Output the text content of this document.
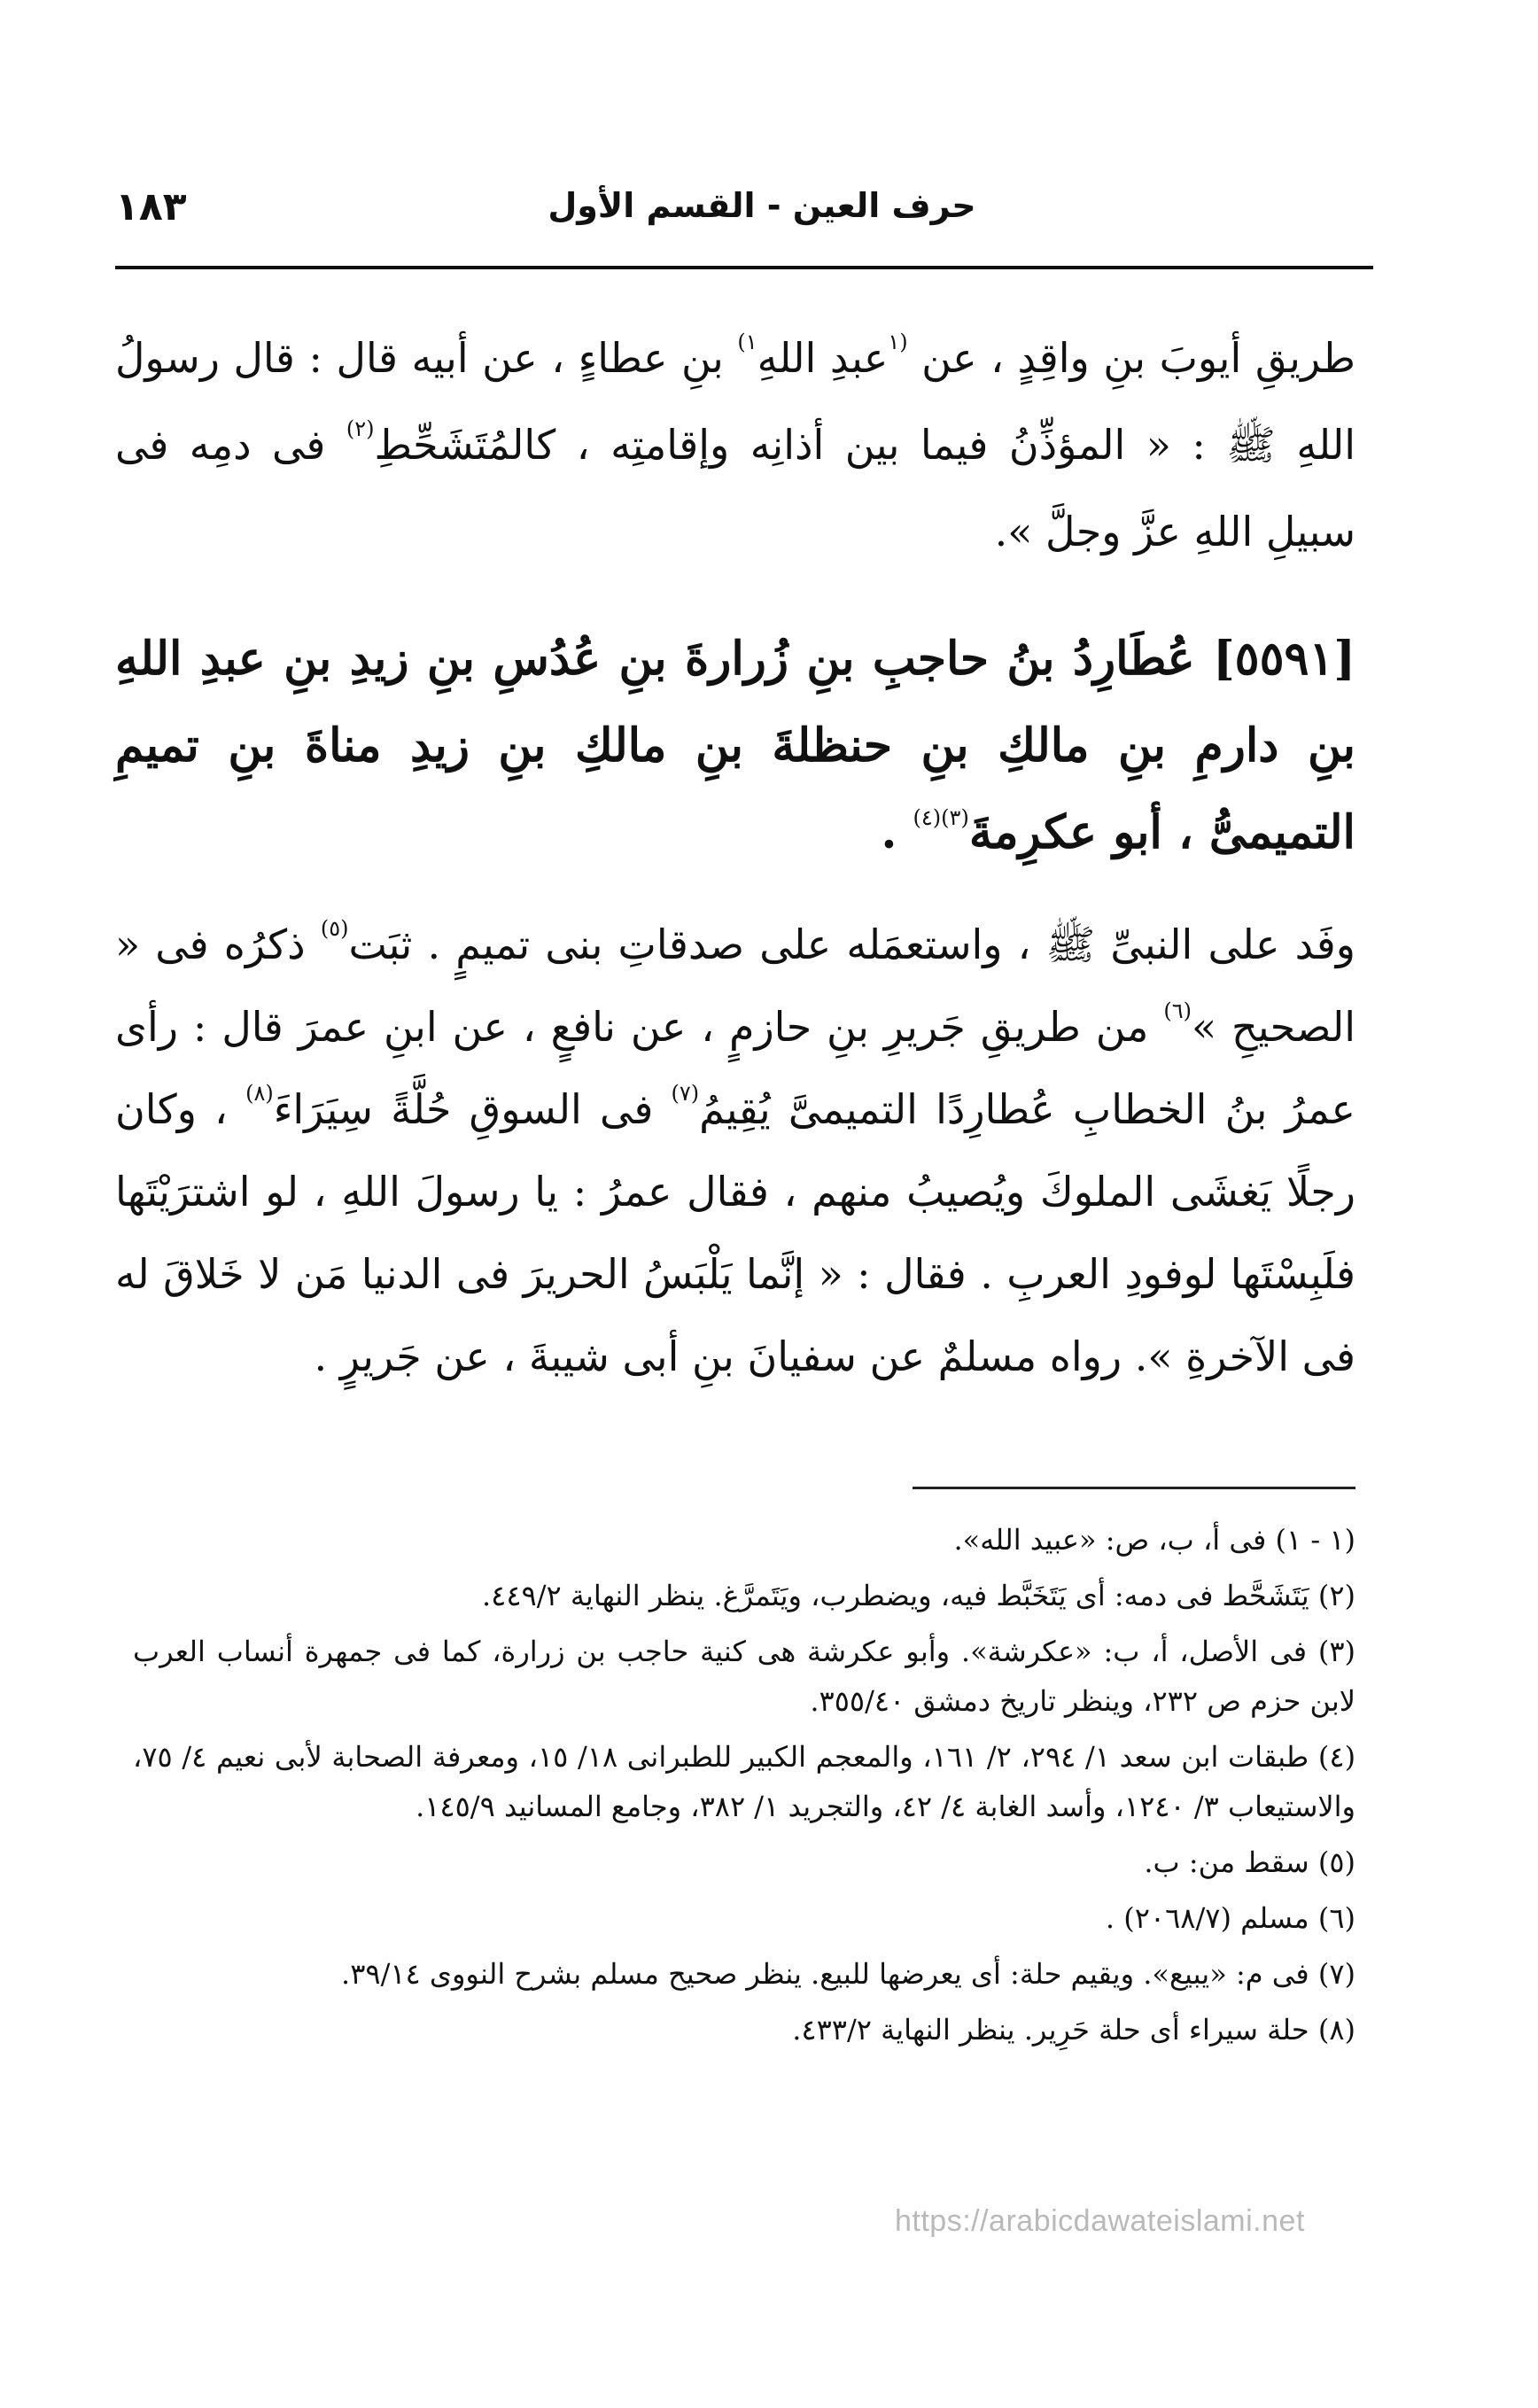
١٨٣	حرف العين - القسم الأول
طريقِ أيوبَ بنِ واقِدٍ ، عن $^{(١}$عبدِ اللهِ$^{١)}$ بنِ عطاءٍ ، عن أبيه قال : قال رسولُ اللهِ ﷺ : « المؤذِّنُ فيما بين أذانِه وإقامتِه ، كالمُتَشَحِّطِ$^{(٢)}$ فى دمِه فى سبيلِ اللهِ عزَّ وجلَّ ».
[٥٥٩١] عُطَارِدُ بنُ حاجبِ بنِ زُرارةَ بنِ عُدُسِ بنِ زيدِ بنِ عبدِ اللهِ بنِ دارمِ بنِ مالكِ بنِ حنظلةَ بنِ مالكِ بنِ زيدِ مناةَ بنِ تميمِ التميمىُّ ، أبو عكرِمةَ$^{(٣)(٤)}$ .
وفَد على النبىِّ ﷺ ، واستعمَله على صدقاتِ بنى تميمٍ . ثبَت$^{(٥)}$ ذكرُه فى « الصحيحِ »$^{(٦)}$ من طريقِ جَريرِ بنِ حازمٍ ، عن نافعٍ ، عن ابنِ عمرَ قال : رأى عمرُ بنُ الخطابِ عُطارِدًا التميمىَّ يُقِيمُ$^{(٧)}$ فى السوقِ حُلَّةً سِيَرَاءَ$^{(٨)}$ ، وكان رجلًا يَغشَى الملوكَ ويُصيبُ منهم ، فقال عمرُ : يا رسولَ اللهِ ، لو اشترَيْتَها فلَبِسْتَها لوفودِ العربِ . فقال : « إنَّما يَلْبَسُ الحريرَ فى الدنيا مَن لا خَلاقَ له فى الآخرةِ ». رواه مسلمٌ عن سفيانَ بنِ أبى شيبةَ ، عن جَريرٍ .

(١ - ١) فى أ، ب، ص: «عبيد الله».

(٢) يَتَشَحَّط فى دمه: أى يَتَخَبَّط فيه، ويضطرب، ويَتَمرَّغ. ينظر النهاية ٤٤٩/٢.

(٣) فى الأصل، أ، ب: «عكرشة». وأبو عكرشة هى كنية حاجب بن زرارة، كما فى جمهرة أنساب العرب لابن حزم ص ٢٣٢، وينظر تاريخ دمشق ٣٥٥/٤٠.

(٤) طبقات ابن سعد ١/ ٢٩٤، ٢/ ١٦١، والمعجم الكبير للطبرانى ١٨/ ١٥، ومعرفة الصحابة لأبى نعيم ٤/ ٧٥، والاستيعاب ٣/ ١٢٤٠، وأسد الغابة ٤/ ٤٢، والتجريد ١/ ٣٨٢، وجامع المسانيد ١٤٥/٩.

(٥) سقط من: ب.

(٦) مسلم (٢٠٦٨/٧) .

(٧) فى م: «يبيع». ويقيم حلة: أى يعرضها للبيع. ينظر صحيح مسلم بشرح النووى ٣٩/١٤.

(٨) حلة سيراء أى حلة حَرِير. ينظر النهاية ٤٣٣/٢.

https://arabicdawateislami.net
